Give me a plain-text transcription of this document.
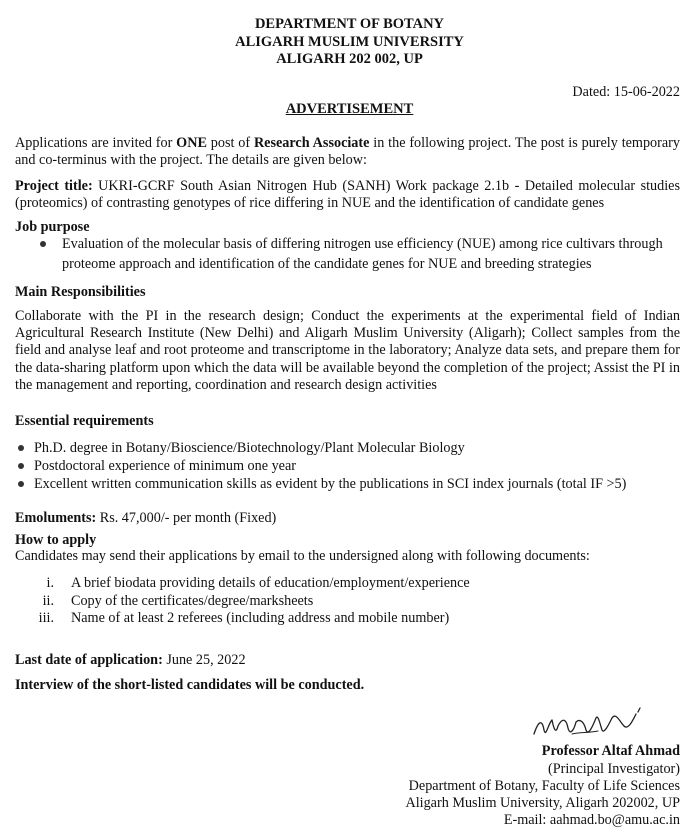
DEPARTMENT OF BOTANY
ALIGARH MUSLIM UNIVERSITY
ALIGARH 202 002, UP
Dated: 15-06-2022
ADVERTISEMENT
Applications are invited for ONE post of Research Associate in the following project. The post is purely temporary and co-terminus with the project. The details are given below:
Project title: UKRI-GCRF South Asian Nitrogen Hub (SANH) Work package 2.1b - Detailed molecular studies (proteomics) of contrasting genotypes of rice differing in NUE and the identification of candidate genes
Job purpose
Evaluation of the molecular basis of differing nitrogen use efficiency (NUE) among rice cultivars through
proteome approach and identification of the candidate genes for NUE and breeding strategies
Main Responsibilities
Collaborate with the PI in the research design; Conduct the experiments at the experimental field of Indian Agricultural Research Institute (New Delhi) and Aligarh Muslim University (Aligarh); Collect samples from the field and analyse leaf and root proteome and transcriptome in the laboratory; Analyze data sets, and prepare them for the data-sharing platform upon which the data will be available beyond the completion of the project; Assist the PI in the management and reporting, coordination and research design activities
Essential requirements
Ph.D. degree in Botany/Bioscience/Biotechnology/Plant Molecular Biology
Postdoctoral experience of minimum one year
Excellent written communication skills as evident by the publications in SCI index journals (total IF >5)
Emoluments: Rs. 47,000/- per month (Fixed)
How to apply
Candidates may send their applications by email to the undersigned along with following documents:
i. A brief biodata providing details of education/employment/experience
ii. Copy of the certificates/degree/marksheets
iii. Name of at least 2 referees (including address and mobile number)
Last date of application: June 25, 2022
Interview of the short-listed candidates will be conducted.
Professor Altaf Ahmad
(Principal Investigator)
Department of Botany, Faculty of Life Sciences
Aligarh Muslim University, Aligarh 202002, UP
E-mail: aahmad.bo@amu.ac.in
